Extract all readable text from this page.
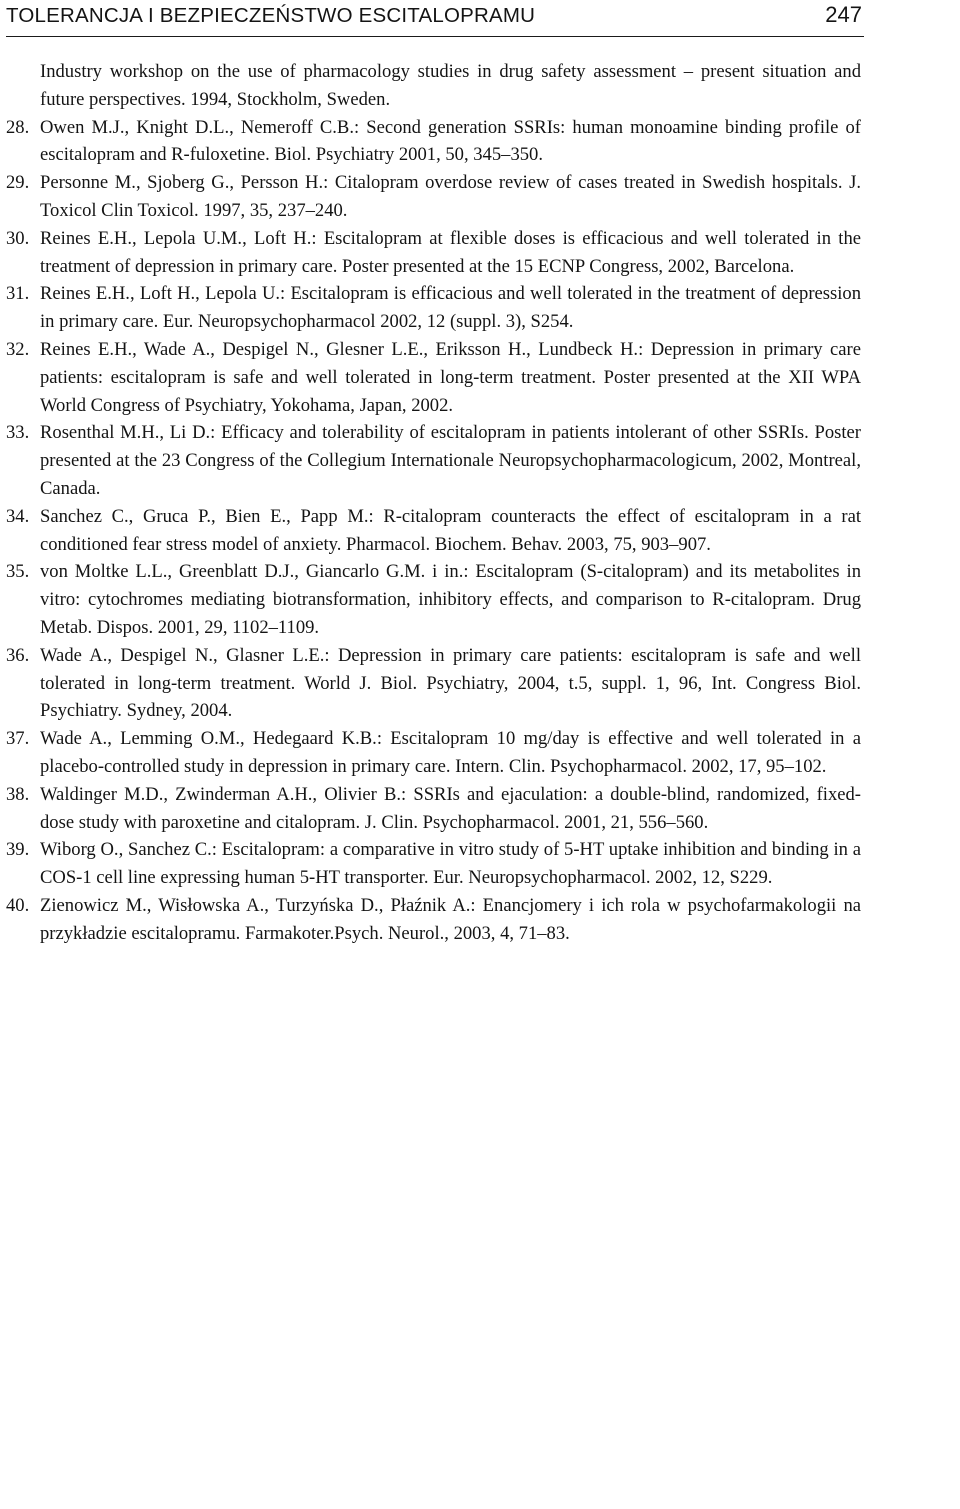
TOLERANCJA I BEZPIECZEŃSTWO ESCITALOPRAMU	247
Industry workshop on the use of pharmacology studies in drug safety assessment – present situation and future perspectives. 1994, Stockholm, Sweden.
28. Owen M.J., Knight D.L., Nemeroff C.B.: Second generation SSRIs: human monoamine binding profile of escitalopram and R-fuloxetine. Biol. Psychiatry 2001, 50, 345–350.
29. Personne M., Sjoberg G., Persson H.: Citalopram overdose review of cases treated in Swedish hospitals. J. Toxicol Clin Toxicol. 1997, 35, 237–240.
30. Reines E.H., Lepola U.M., Loft H.: Escitalopram at flexible doses is efficacious and well tolerated in the treatment of depression in primary care. Poster presented at the 15 ECNP Congress, 2002, Barcelona.
31. Reines E.H., Loft H., Lepola U.: Escitalopram is efficacious and well tolerated in the treatment of depression in primary care. Eur. Neuropsychopharmacol 2002, 12 (suppl. 3), S254.
32. Reines E.H., Wade A., Despigel N., Glesner L.E., Eriksson H., Lundbeck H.: Depression in primary care patients: escitalopram is safe and well tolerated in long-term treatment. Poster presented at the XII WPA World Congress of Psychiatry, Yokohama, Japan, 2002.
33. Rosenthal M.H., Li D.: Efficacy and tolerability of escitalopram in patients intolerant of other SSRIs. Poster presented at the 23 Congress of the Collegium Internationale Neuropsychopharmacologicum, 2002, Montreal, Canada.
34. Sanchez C., Gruca P., Bien E., Papp M.: R-citalopram counteracts the effect of escitalopram in a rat conditioned fear stress model of anxiety. Pharmacol. Biochem. Behav. 2003, 75, 903–907.
35. von Moltke L.L., Greenblatt D.J., Giancarlo G.M. i in.: Escitalopram (S-citalopram) and its metabolites in vitro: cytochromes mediating biotransformation, inhibitory effects, and comparison to R-citalopram. Drug Metab. Dispos. 2001, 29, 1102–1109.
36. Wade A., Despigel N., Glasner L.E.: Depression in primary care patients: escitalopram is safe and well tolerated in long-term treatment. World J. Biol. Psychiatry, 2004, t.5, suppl. 1, 96, Int. Congress Biol. Psychiatry. Sydney, 2004.
37. Wade A., Lemming O.M., Hedegaard K.B.: Escitalopram 10 mg/day is effective and well tolerated in a placebo-controlled study in depression in primary care. Intern. Clin. Psychopharmacol. 2002, 17, 95–102.
38. Waldinger M.D., Zwinderman A.H., Olivier B.: SSRIs and ejaculation: a double-blind, randomized, fixed-dose study with paroxetine and citalopram. J. Clin. Psychopharmacol. 2001, 21, 556–560.
39. Wiborg O., Sanchez C.: Escitalopram: a comparative in vitro study of 5-HT uptake inhibition and binding in a COS-1 cell line expressing human 5-HT transporter. Eur. Neuropsychopharmacol. 2002, 12, S229.
40. Zienowicz M., Wisłowska A., Turzyńska D., Płaźnik A.: Enancjomery i ich rola w psychofarmakologii na przykładzie escitalopramu. Farmakoter.Psych. Neurol., 2003, 4, 71–83.
